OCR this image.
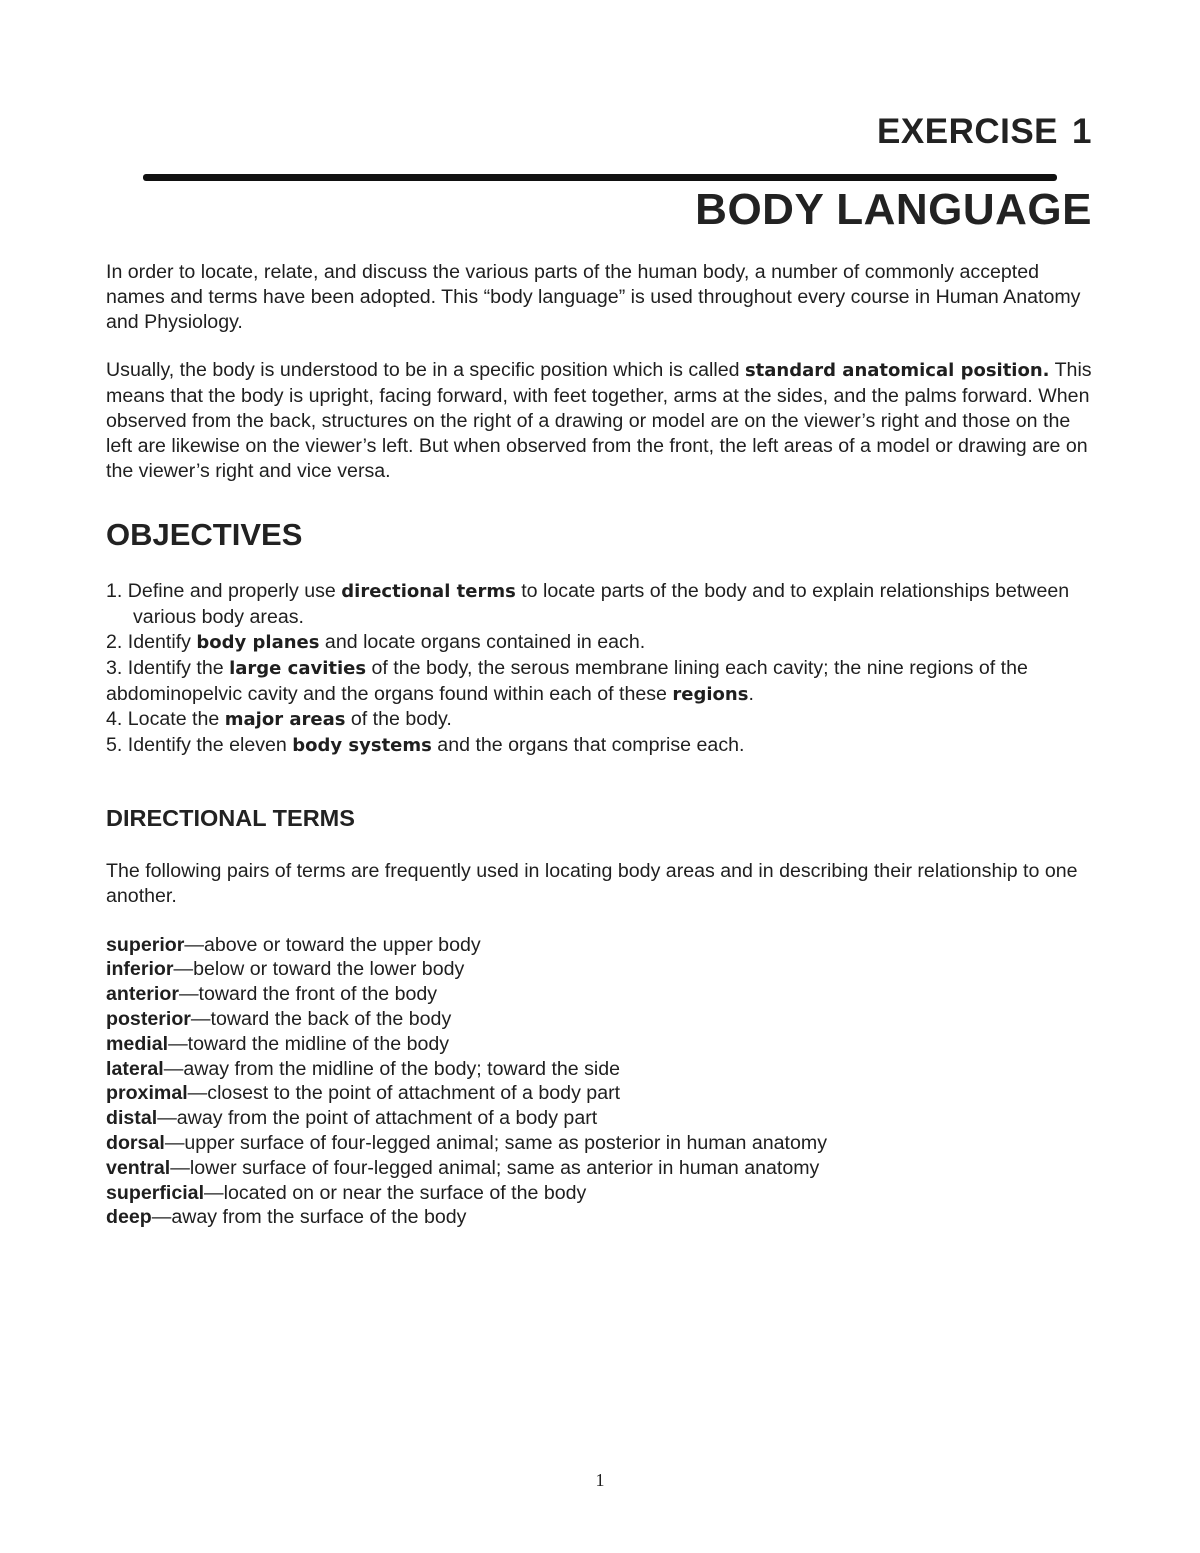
EXERCISE 1
BODY LANGUAGE

In order to locate, relate, and discuss the various parts of the human body, a number of commonly accepted names and terms have been adopted. This “body language” is used throughout every course in Human Anatomy and Physiology.

Usually, the body is understood to be in a specific position which is called standard anatomical position. This means that the body is upright, facing forward, with feet together, arms at the sides, and the palms forward. When observed from the back, structures on the right of a drawing or model are on the viewer’s right and those on the left are likewise on the viewer’s left. But when observed from the front, the left areas of a model or drawing are on the viewer’s right and vice versa.

OBJECTIVES

1. Define and properly use directional terms to locate parts of the body and to explain relationships between various body areas.

2. Identify body planes and locate organs contained in each.

3. Identify the large cavities of the body, the serous membrane lining each cavity; the nine regions of the abdominopelvic cavity and the organs found within each of these regions.

4. Locate the major areas of the body.

5. Identify the eleven body systems and the organs that comprise each.

DIRECTIONAL TERMS

The following pairs of terms are frequently used in locating body areas and in describing their relationship to one another.

superior—above or toward the upper body

inferior—below or toward the lower body

anterior—toward the front of the body

posterior—toward the back of the body

medial—toward the midline of the body

lateral—away from the midline of the body; toward the side

proximal—closest to the point of attachment of a body part

distal—away from the point of attachment of a body part

dorsal—upper surface of four-legged animal; same as posterior in human anatomy

ventral—lower surface of four-legged animal; same as anterior in human anatomy

superficial—located on or near the surface of the body

deep—away from the surface of the body

1
